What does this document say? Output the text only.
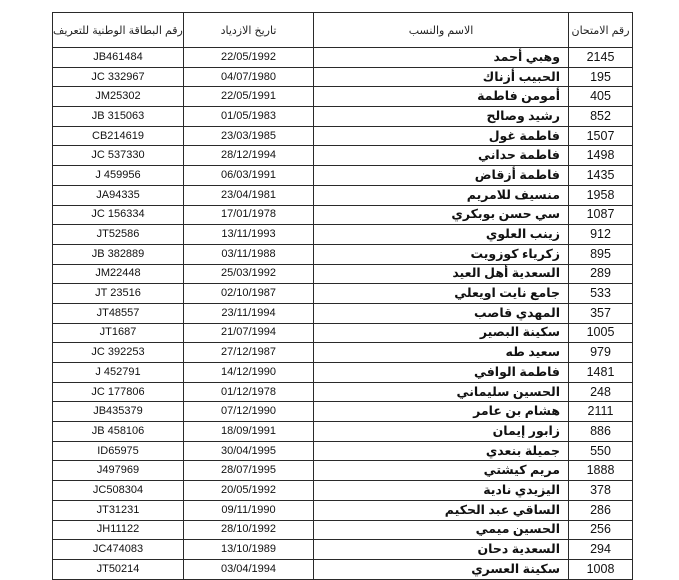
رقم البطاقة الوطنية للتعريف	تاريخ الازدياد	الاسم والنسب	رقم الامتحان
JB461484	22/05/1992	وهبي أحمد	2145
JC 332967	04/07/1980	الحبيب أزناك	195
JM25302	22/05/1991	أمومن فاطمة	405
JB 315063	01/05/1983	رشيد وصالح	852
CB214619	23/03/1985	فاطمة غول	1507
JC 537330	28/12/1994	فاطمة حداني	1498
J 459956	06/03/1991	فاطمة أزقاض	1435
JA94335	23/04/1981	منسيف للامريم	1958
JC 156334	17/01/1978	سي حسن بوبكري	1087
JT52586	13/11/1993	زينب العلوي	912
JB 382889	03/11/1988	زكرياء كوزويت	895
JM22448	25/03/1992	السعدية أهل العيد	289
JT 23516	02/10/1987	جامع نايت اويعلي	533
JT48557	23/11/1994	المهدي قاصب	357
JT1687	21/07/1994	سكينة البصير	1005
JC 392253	27/12/1987	سعيد طه	979
J 452791	14/12/1990	فاطمة الوافي	1481
JC 177806	01/12/1978	الحسين سليماني	248
JB435379	07/12/1990	هشام بن عامر	2111
JB 458106	18/09/1991	زابور إيمان	886
ID65975	30/04/1995	جميلة بنعدي	550
J497969	28/07/1995	مريم كيشتي	1888
JC508304	20/05/1992	اليزيدي نادية	378
JT31231	09/11/1990	الساقي عبد الحكيم	286
JH11122	28/10/1992	الحسين ميمي	256
JC474083	13/10/1989	السعدية دحان	294
JT50214	03/04/1994	سكينة العسري	1008
